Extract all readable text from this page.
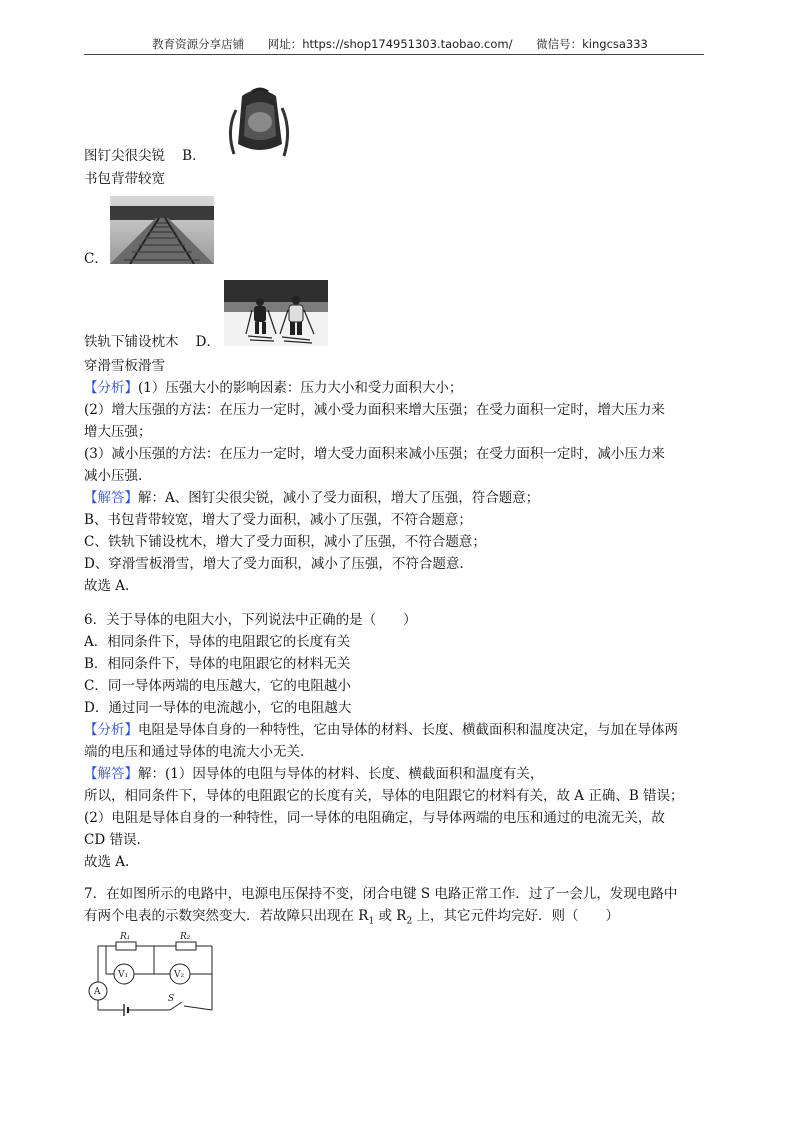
教育资源分享店铺 网址：https://shop174951303.taobao.com/ 微信号：kingcsa333
图钉尖很尖锐 B．
书包背带较宽
C．
铁轨下铺设枕木 D．
穿滑雪板滑雪
【分析】(1）压强大小的影响因素：压力大小和受力面积大小；
(2）增大压强的方法：在压力一定时，减小受力面积来增大压强；在受力面积一定时，增大压力来
增大压强；
(3）减小压强的方法：在压力一定时，增大受力面积来减小压强；在受力面积一定时，减小压力来
减小压强.
【解答】解：A、图钉尖很尖锐，减小了受力面积，增大了压强，符合题意；
B、书包背带较宽，增大了受力面积，减小了压强，不符合题意；
C、铁轨下铺设枕木，增大了受力面积，减小了压强，不符合题意；
D、穿滑雪板滑雪，增大了受力面积，减小了压强，不符合题意.
故选 A.
6．关于导体的电阻大小，下列说法中正确的是（　　）
A．相同条件下，导体的电阻跟它的长度有关
B．相同条件下，导体的电阻跟它的材料无关
C．同一导体两端的电压越大，它的电阻越小
D．通过同一导体的电流越小，它的电阻越大
【分析】电阻是导体自身的一种特性，它由导体的材料、长度、横截面积和温度决定，与加在导体两
端的电压和通过导体的电流大小无关.
【解答】解：(1）因导体的电阻与导体的材料、长度、横截面积和温度有关，
所以，相同条件下，导体的电阻跟它的长度有关，导体的电阻跟它的材料有关，故 A 正确、B 错误；
(2）电阻是导体自身的一种特性，同一导体的电阻确定，与导体两端的电压和通过的电流无关，故
CD 错误.
故选 A.
7．在如图所示的电路中，电源电压保持不变，闭合电键 S 电路正常工作．过了一会儿，发现电路中
有两个电表的示数突然变大．若故障只出现在 $R_1$ 或 $R_2$ 上，其它元件均完好．则（　　）
R₁	R₂
V₁	V₂
A
S
